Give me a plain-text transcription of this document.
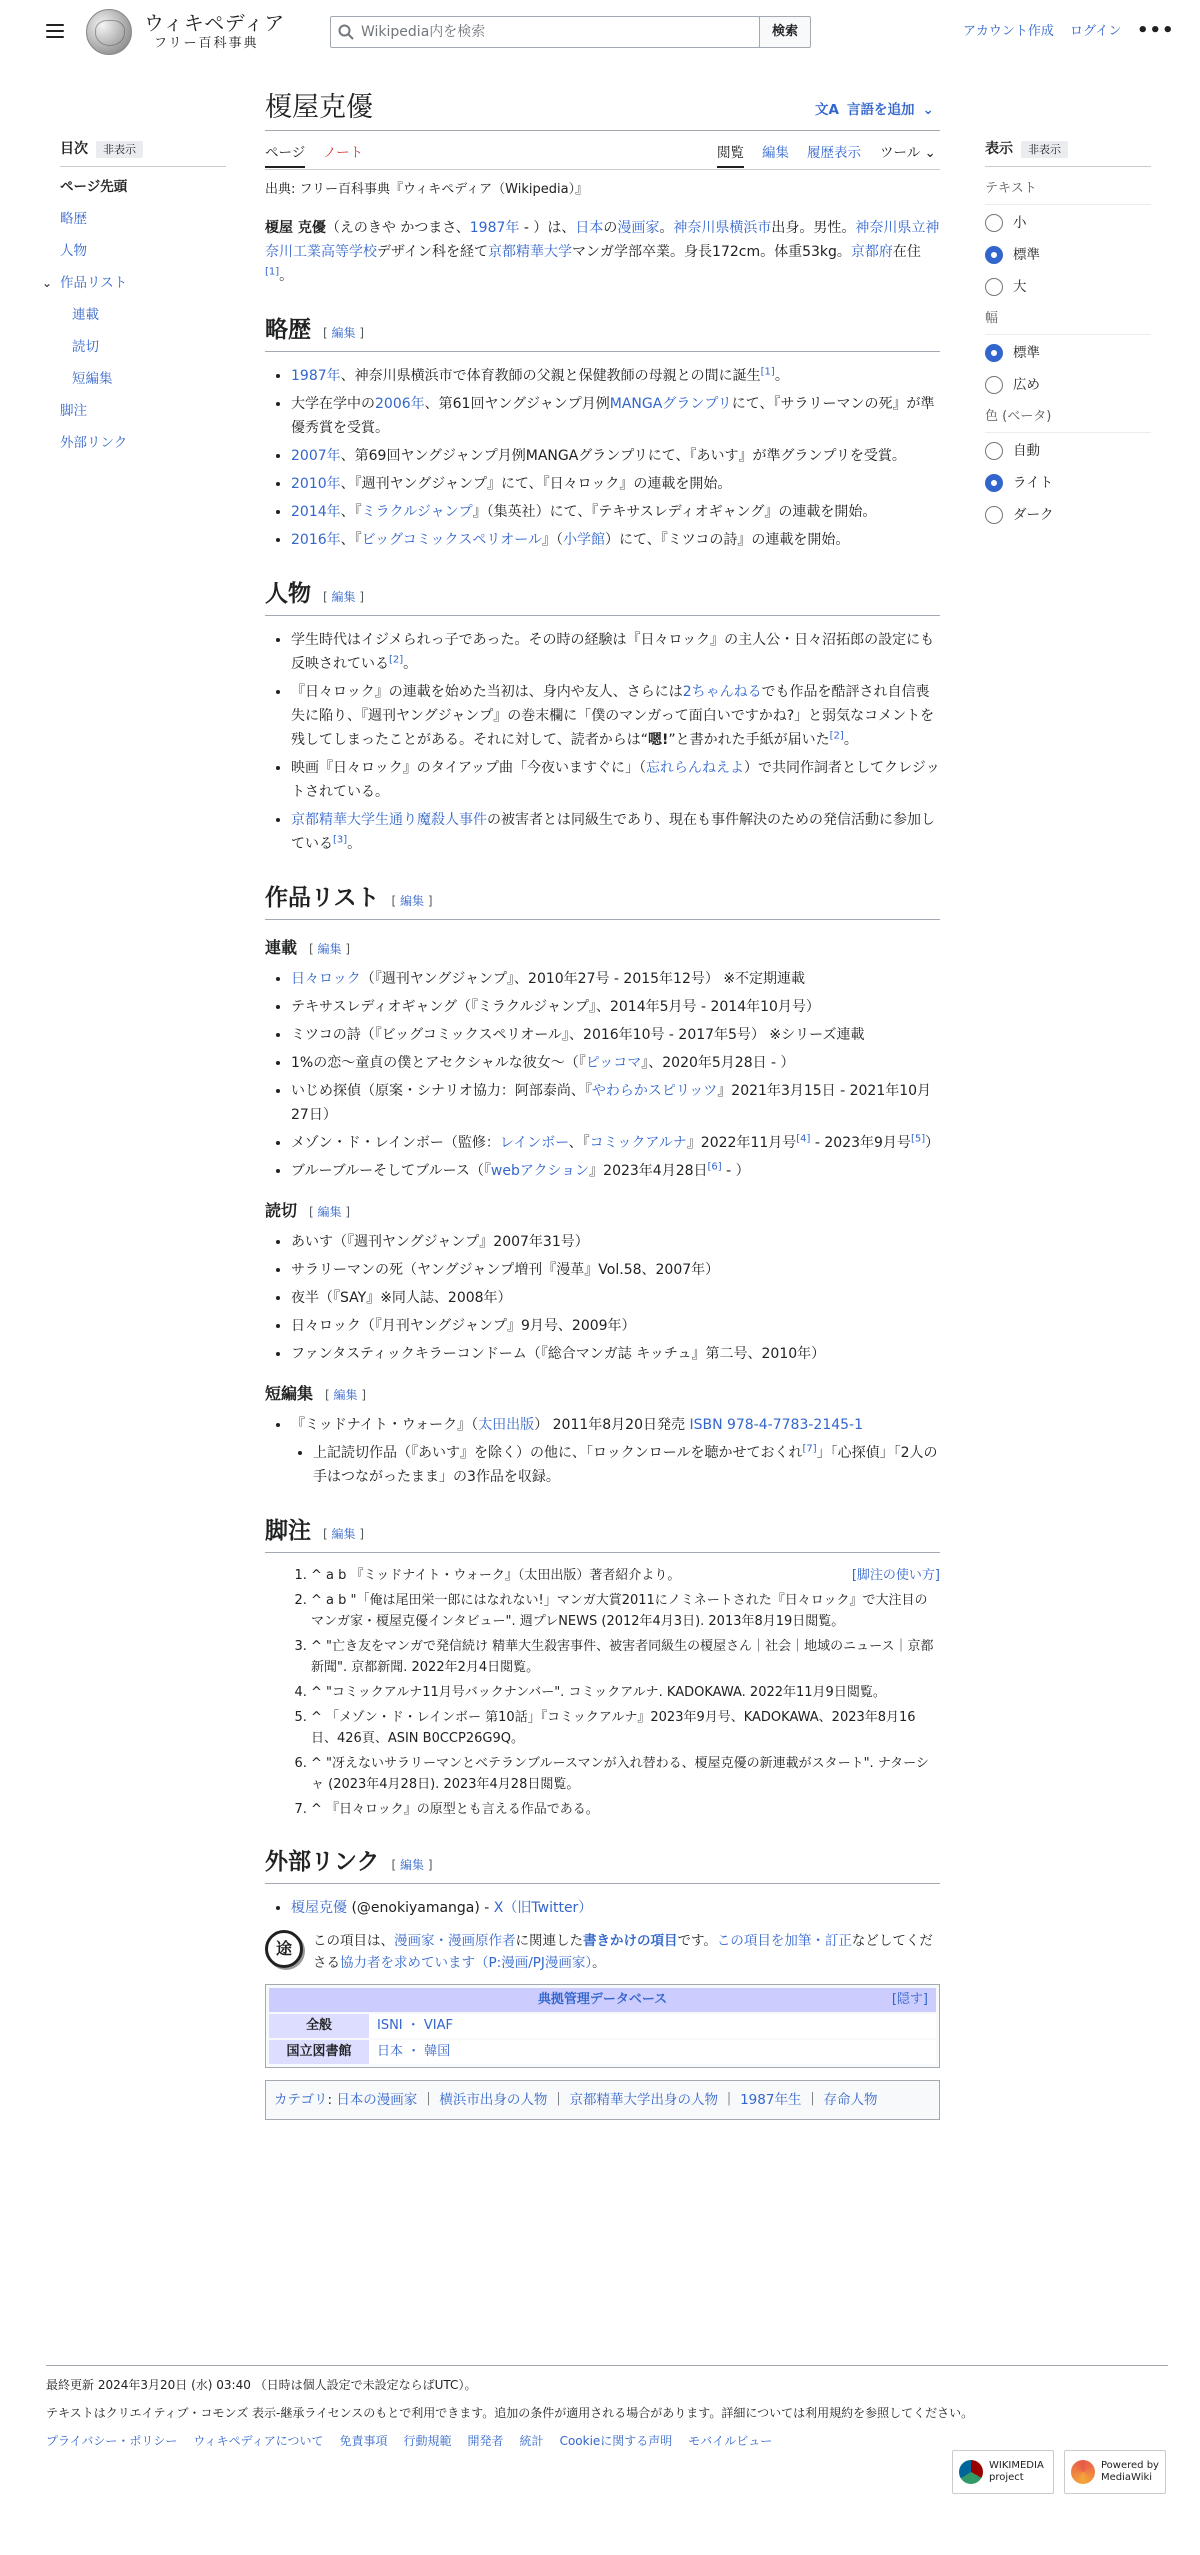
ウィキペディア
フリー百科事典
Wikipedia内を検索
検索	アカウント作成 ログイン •••
目次 非表示
ページ先頭
略歴
人物
⌄ 作品リスト
連載
読切
短編集
脚注
外部リンク
榎屋克優	文A 言語を追加 ⌄
ページ ノート	閲覧 編集 履歴表示 ツール ⌄
出典: フリー百科事典『ウィキペディア（Wikipedia）』

榎屋 克優（えのきや かつまさ、1987年 - ）は、日本の漫画家。神奈川県横浜市出身。男性。神奈川県立神奈川工業高等学校デザイン科を経て京都精華大学マンガ学部卒業。身長172cm。体重53kg。京都府在住[1]。

略歴 [ 編集 ]
• 1987年、神奈川県横浜市で体育教師の父親と保健教師の母親との間に誕生[1]。
• 大学在学中の2006年、第61回ヤングジャンプ月例MANGAグランプリにて、『サラリーマンの死』が準優秀賞を受賞。
• 2007年、第69回ヤングジャンプ月例MANGAグランプリにて、『あいす』が準グランプリを受賞。
• 2010年、『週刊ヤングジャンプ』にて、『日々ロック』の連載を開始。
• 2014年、『ミラクルジャンプ』（集英社）にて、『テキサスレディオギャング』の連載を開始。
• 2016年、『ビッグコミックスペリオール』（小学館）にて、『ミツコの詩』の連載を開始。
人物 [ 編集 ]
• 学生時代はイジメられっ子であった。その時の経験は『日々ロック』の主人公・日々沼拓郎の設定にも反映されている[2]。
• 『日々ロック』の連載を始めた当初は、身内や友人、さらには2ちゃんねるでも作品を酷評され自信喪失に陥り、『週刊ヤングジャンプ』の巻末欄に「僕のマンガって面白いですかね?」と弱気なコメントを残してしまったことがある。それに対して、読者からは“嗯!”と書かれた手紙が届いた[2]。
• 映画『日々ロック』のタイアップ曲「今夜いますぐに」（忘れらんねえよ）で共同作詞者としてクレジットされている。
• 京都精華大学生通り魔殺人事件の被害者とは同級生であり、現在も事件解決のための発信活動に参加している[3]。
作品リスト [ 編集 ]
連載 [ 編集 ]
• 日々ロック（『週刊ヤングジャンプ』、2010年27号 - 2015年12号） ※不定期連載
• テキサスレディオギャング（『ミラクルジャンプ』、2014年5月号 - 2014年10月号）
• ミツコの詩（『ビッグコミックスペリオール』、2016年10号 - 2017年5号） ※シリーズ連載
• 1%の恋〜童貞の僕とアセクシャルな彼女〜（『ピッコマ』、2020年5月28日 - ）
• いじめ探偵（原案・シナリオ協力：阿部泰尚、『やわらかスピリッツ』2021年3月15日 - 2021年10月27日）
• メゾン・ド・レインボー（監修：レインボー、『コミックアルナ』2022年11月号[4] - 2023年9月号[5]）
• ブルーブルーそしてブルース（『webアクション』2023年4月28日[6] - ）
読切 [ 編集 ]
• あいす（『週刊ヤングジャンプ』2007年31号）
• サラリーマンの死（ヤングジャンプ増刊『漫革』Vol.58、2007年）
• 夜半（『SAY』※同人誌、2008年）
• 日々ロック（『月刊ヤングジャンプ』9月号、2009年）
• ファンタスティックキラーコンドーム（『総合マンガ誌 キッチュ』第二号、2010年）
短編集 [ 編集 ]
• 『ミッドナイト・ウォーク』（太田出版） 2011年8月20日発売 ISBN 978-4-7783-2145-1
• 上記読切作品（『あいす』を除く）の他に、「ロックンロールを聴かせておくれ[7]」「心探偵」「2人の手はつながったまま」の3作品を収録。
脚注 [ 編集 ]
1. [脚注の使い方]
^ a b 『ミッドナイト・ウォーク』（太田出版）著者紹介より。
2. ^ a b "「俺は尾田栄一郎にはなれない!」マンガ大賞2011にノミネートされた『日々ロック』で大注目のマンガ家・榎屋克優インタビュー". 週プレNEWS (2012年4月3日). 2013年8月19日閲覧。
3. ^ "亡き友をマンガで発信続け 精華大生殺害事件、被害者同級生の榎屋さん｜社会｜地域のニュース｜京都新聞". 京都新聞. 2022年2月4日閲覧。
4. ^ "コミックアルナ11月号バックナンバー". コミックアルナ. KADOKAWA. 2022年11月9日閲覧。
5. ^ 「メゾン・ド・レインボー 第10話」『コミックアルナ』2023年9月号、KADOKAWA、2023年8月16日、426頁、ASIN B0CCP26G9Q。
6. ^ "冴えないサラリーマンとベテランブルースマンが入れ替わる、榎屋克優の新連載がスタート". ナターシャ (2023年4月28日). 2023年4月28日閲覧。
7. ^ 『日々ロック』の原型とも言える作品である。
外部リンク [ 編集 ]
• 榎屋克優 (@enokiyamanga) - X（旧Twitter）
途	この項目は、漫画家・漫画原作者に関連した書きかけの項目です。この項目を加筆・訂正などしてくださる協力者を求めています（P:漫画/PJ漫画家）。
典拠管理データベース	[隠す]
全般	ISNI ・ VIAF
国立図書館	日本 ・ 韓国
カテゴリ: 日本の漫画家 ｜ 横浜市出身の人物 ｜ 京都精華大学出身の人物 ｜ 1987年生 ｜ 存命人物
表示 非表示
テキスト
小
標準
大
幅
標準
広め
色 (ベータ)
自動
ライト
ダーク

最終更新 2024年3月20日 (水) 03:40 （日時は個人設定で未設定ならばUTC）。

テキストはクリエイティブ・コモンズ 表示-継承ライセンスのもとで利用できます。追加の条件が適用される場合があります。詳細については利用規約を参照してください。

プライバシー・ポリシー ウィキペディアについて 免責事項 行動規範 開発者 統計 Cookieに関する声明 モバイルビュー
WIKIMEDIA project
Powered by MediaWiki
